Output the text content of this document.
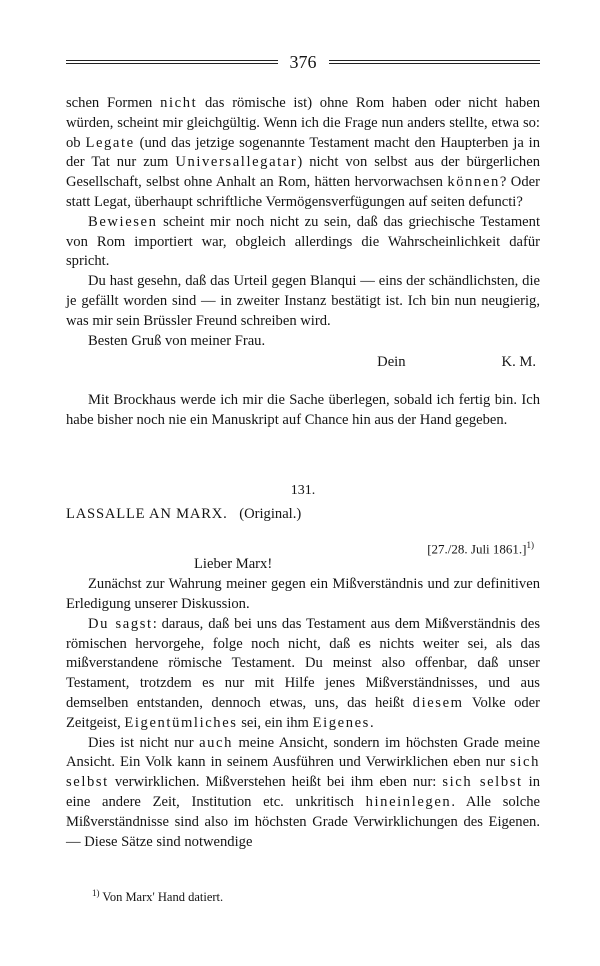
376

schen Formen nicht das römische ist) ohne Rom haben oder nicht haben würden, scheint mir gleichgültig. Wenn ich die Frage nun anders stellte, etwa so: ob Legate (und das jetzige sogenannte Testament macht den Haupterben ja in der Tat nur zum Universallegatar) nicht von selbst aus der bürgerlichen Gesellschaft, selbst ohne Anhalt an Rom, hätten hervorwachsen können? Oder statt Legat, überhaupt schriftliche Vermögensverfügungen auf seiten defuncti?

Bewiesen scheint mir noch nicht zu sein, daß das griechische Testament von Rom importiert war, obgleich allerdings die Wahrscheinlichkeit dafür spricht.

Du hast gesehn, daß das Urteil gegen Blanqui — eins der schändlichsten, die je gefällt worden sind — in zweiter Instanz bestätigt ist. Ich bin nun neugierig, was mir sein Brüssler Freund schreiben wird.

Besten Gruß von meiner Frau.

Dein	K. M.

Mit Brockhaus werde ich mir die Sache überlegen, sobald ich fertig bin. Ich habe bisher noch nie ein Manuskript auf Chance hin aus der Hand gegeben.

131.
LASSALLE AN MARX. (Original.)
[27./28. Juli 1861.]$^{1)}$
Lieber Marx!

Zunächst zur Wahrung meiner gegen ein Mißverständnis und zur definitiven Erledigung unserer Diskussion.

Du sagst: daraus, daß bei uns das Testament aus dem Mißverständnis des römischen hervorgehe, folge noch nicht, daß es nichts weiter sei, als das mißverstandene römische Testament. Du meinst also offenbar, daß unser Testament, trotzdem es nur mit Hilfe jenes Mißverständnisses, und aus demselben entstanden, dennoch etwas, uns, das heißt diesem Volke oder Zeitgeist, Eigentümliches sei, ein ihm Eigenes.

Dies ist nicht nur auch meine Ansicht, sondern im höchsten Grade meine Ansicht. Ein Volk kann in seinem Ausführen und Verwirklichen eben nur sich selbst verwirklichen. Mißverstehen heißt bei ihm eben nur: sich selbst in eine andere Zeit, Institution etc. unkritisch hineinlegen. Alle solche Mißverständnisse sind also im höchsten Grade Verwirklichungen des Eigenen. — Diese Sätze sind notwendige

$^{1)}$ Von Marx' Hand datiert.
